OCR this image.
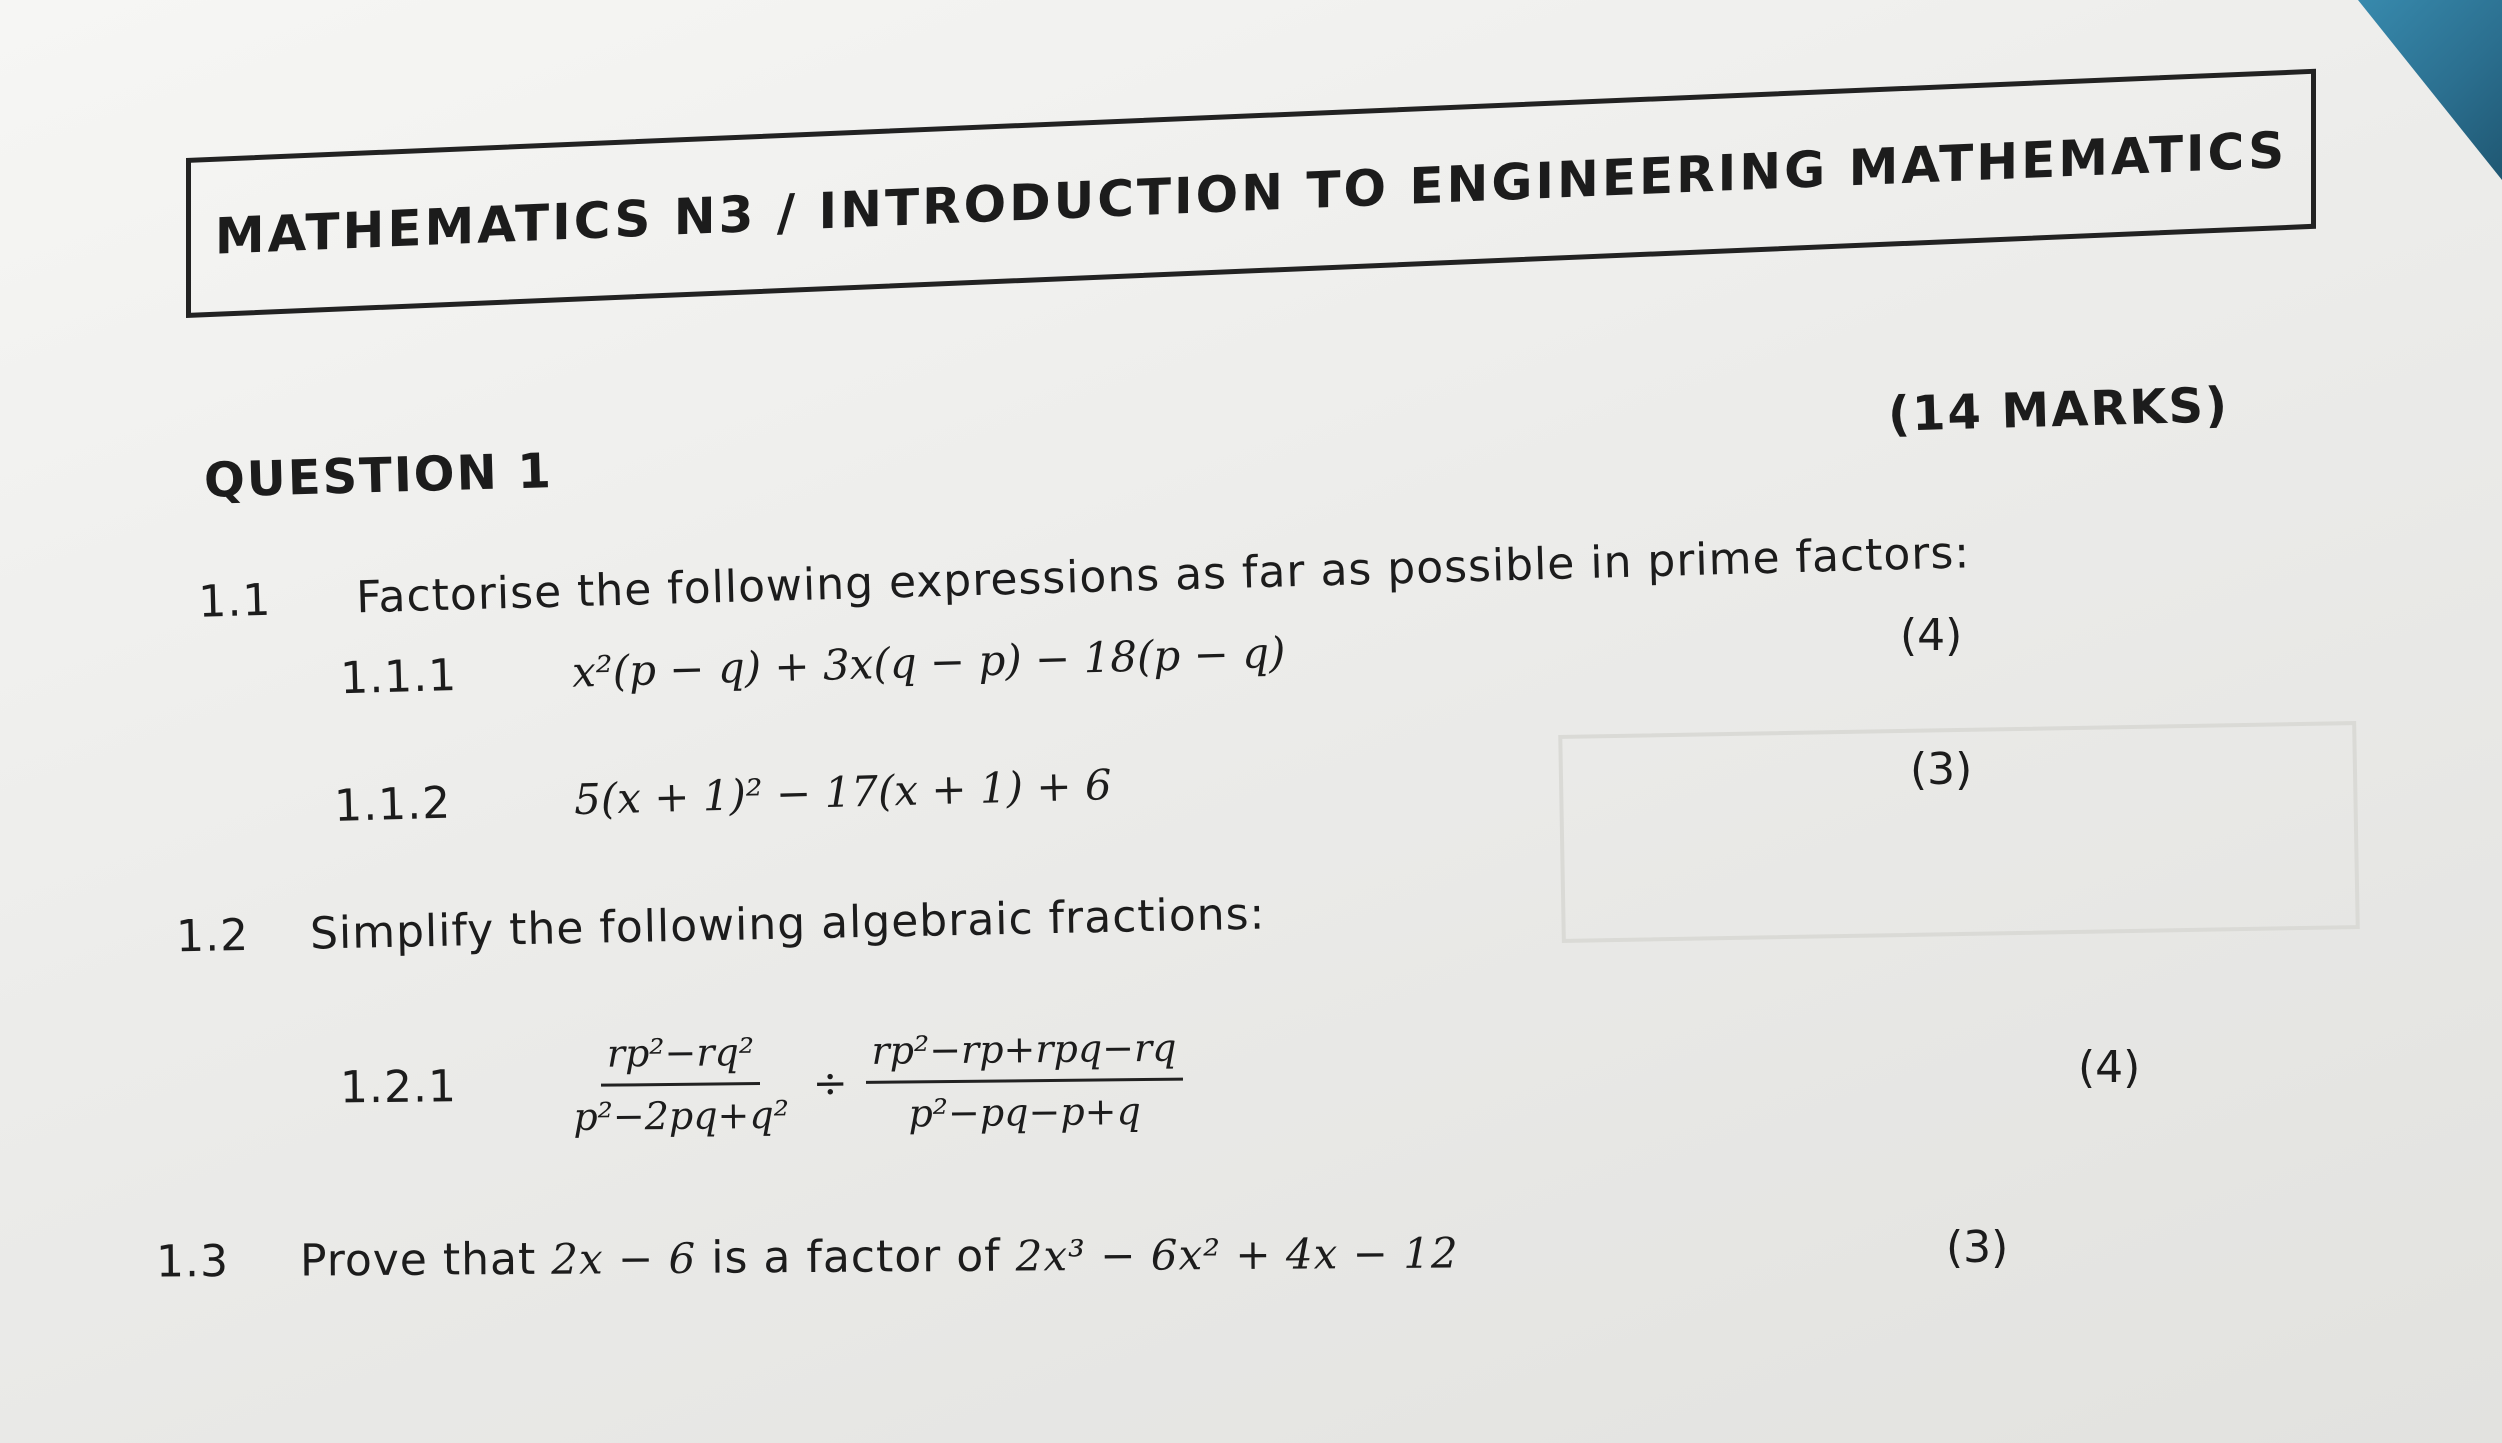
MATHEMATICS N3 / INTRODUCTION TO ENGINEERING MATHEMATICS
QUESTION 1
(14 MARKS)
1.1 Factorise the following expressions as far as possible in prime factors:
1.1.1	x²(p − q) + 3x(q − p) − 18(p − q)	(4)
1.1.2	5(x + 1)² − 17(x + 1) + 6	(3)
1.2 Simplify the following algebraic fractions:
1.2.1	$\frac{\text{rp²−rq²}}{\text{p²−2pq+q²}} \div \frac{\text{rp²−rp+rpq−rq}}{\text{p²−pq−p+q}}$	(4)
1.3 Prove that 2x − 6 is a factor of 2x³ − 6x² + 4x − 12	(3)
